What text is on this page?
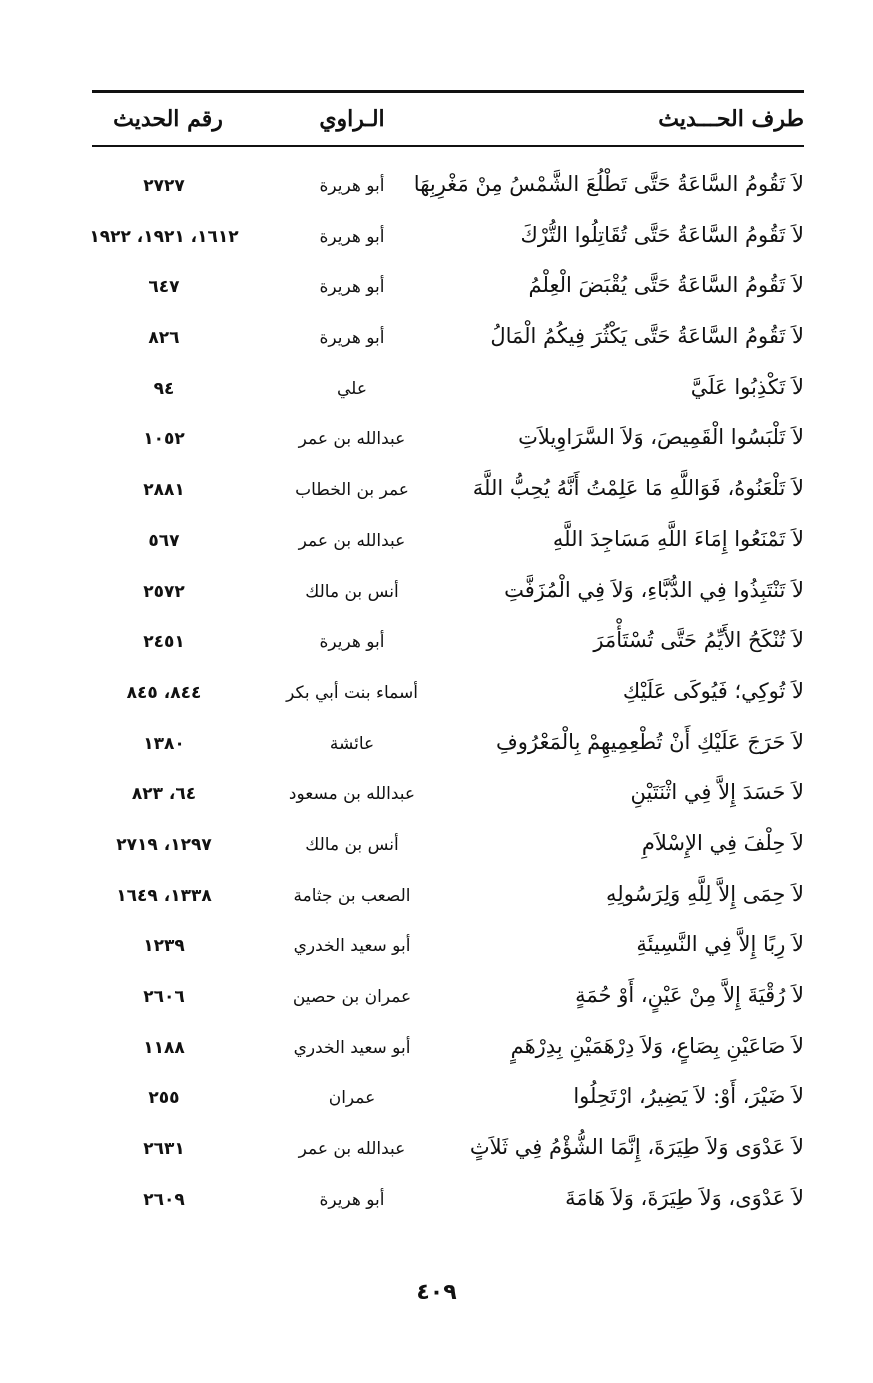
طرف الحـــديث
الـراوي
رقم الحديث
لاَ تَقُومُ السَّاعَةُ حَتَّى تَطْلُعَ الشَّمْسُ مِنْ مَغْرِبِهَا
أبو هريرة
٢٧٢٧
لاَ تَقُومُ السَّاعَةُ حَتَّى تُقَاتِلُوا التُّرْكَ
أبو هريرة
١٦١٢، ١٩٢١، ١٩٢٢
لاَ تَقُومُ السَّاعَةُ حَتَّى يُقْبَضَ الْعِلْمُ
أبو هريرة
٦٤٧
لاَ تَقُومُ السَّاعَةُ حَتَّى يَكْثُرَ فِيكُمُ الْمَالُ
أبو هريرة
٨٢٦
لاَ تَكْذِبُوا عَلَيَّ
علي
٩٤
لاَ تَلْبَسُوا الْقَمِيصَ، وَلاَ السَّرَاوِيلاَتِ
عبدالله بن عمر
١٠٥٢
لاَ تَلْعَنُوهُ، فَوَاللَّهِ مَا عَلِمْتُ أَنَّهُ يُحِبُّ اللَّهَ
عمر بن الخطاب
٢٨٨١
لاَ تَمْنَعُوا إِمَاءَ اللَّهِ مَسَاجِدَ اللَّهِ
عبدالله بن عمر
٥٦٧
لاَ تَنْتَبِذُوا فِي الدُّبَّاءِ، وَلاَ فِي الْمُزَفَّتِ
أنس بن مالك
٢٥٧٢
لاَ تُنْكَحُ الأَيِّمُ حَتَّى تُسْتَأْمَرَ
أبو هريرة
٢٤٥١
لاَ تُوكِي؛ فَيُوكَى عَلَيْكِ
أسماء بنت أبي بكر
٨٤٤، ٨٤٥
لاَ حَرَجَ عَلَيْكِ أَنْ تُطْعِمِيهِمْ بِالْمَعْرُوفِ
عائشة
١٣٨٠
لاَ حَسَدَ إِلاَّ فِي اثْنَتَيْنِ
عبدالله بن مسعود
٦٤، ٨٢٣
لاَ حِلْفَ فِي الإِسْلاَمِ
أنس بن مالك
١٢٩٧، ٢٧١٩
لاَ حِمَى إِلاَّ لِلَّهِ وَلِرَسُولِهِ
الصعب بن جثامة
١٣٣٨، ١٦٤٩
لاَ رِبًا إِلاَّ فِي النَّسِيئَةِ
أبو سعيد الخدري
١٢٣٩
لاَ رُقْيَةَ إِلاَّ مِنْ عَيْنٍ، أَوْ حُمَةٍ
عمران بن حصين
٢٦٠٦
لاَ صَاعَيْنِ بِصَاعٍ، وَلاَ دِرْهَمَيْنِ بِدِرْهَمٍ
أبو سعيد الخدري
١١٨٨
لاَ ضَيْرَ، أَوْ: لاَ يَضِيرُ، ارْتَحِلُوا
عمران
٢٥٥
لاَ عَدْوَى وَلاَ طِيَرَةَ، إِنَّمَا الشُّؤْمُ فِي ثَلاَثٍ
عبدالله بن عمر
٢٦٣١
لاَ عَدْوَى، وَلاَ طِيَرَةَ، وَلاَ هَامَةَ
أبو هريرة
٢٦٠٩
٤٠٩
